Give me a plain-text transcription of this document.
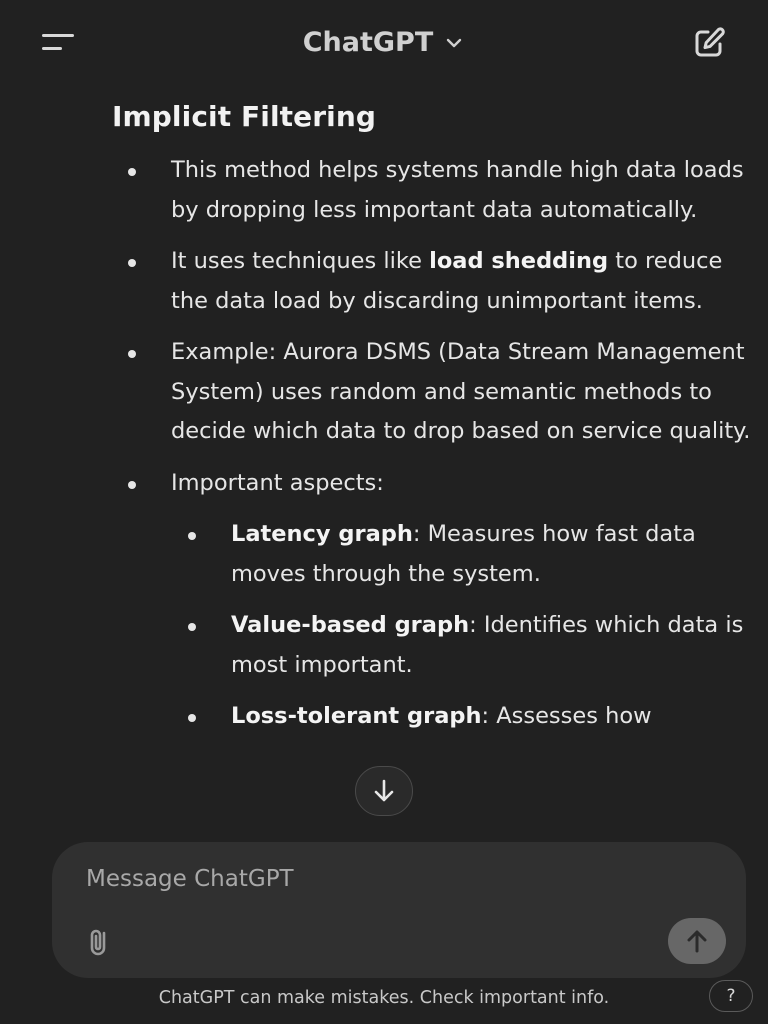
ChatGPT
Implicit Filtering
This method helps systems handle high data loads by dropping less important data automatically.
It uses techniques like load shedding to reduce the data load by discarding unimportant items.
Example: Aurora DSMS (Data Stream Management System) uses random and semantic methods to decide which data to drop based on service quality.
Important aspects:
Latency graph: Measures how fast data moves through the system.
Value-based graph: Identifies which data is most important.
Loss-tolerant graph: Assesses how
Message ChatGPT
ChatGPT can make mistakes. Check important info.	?
